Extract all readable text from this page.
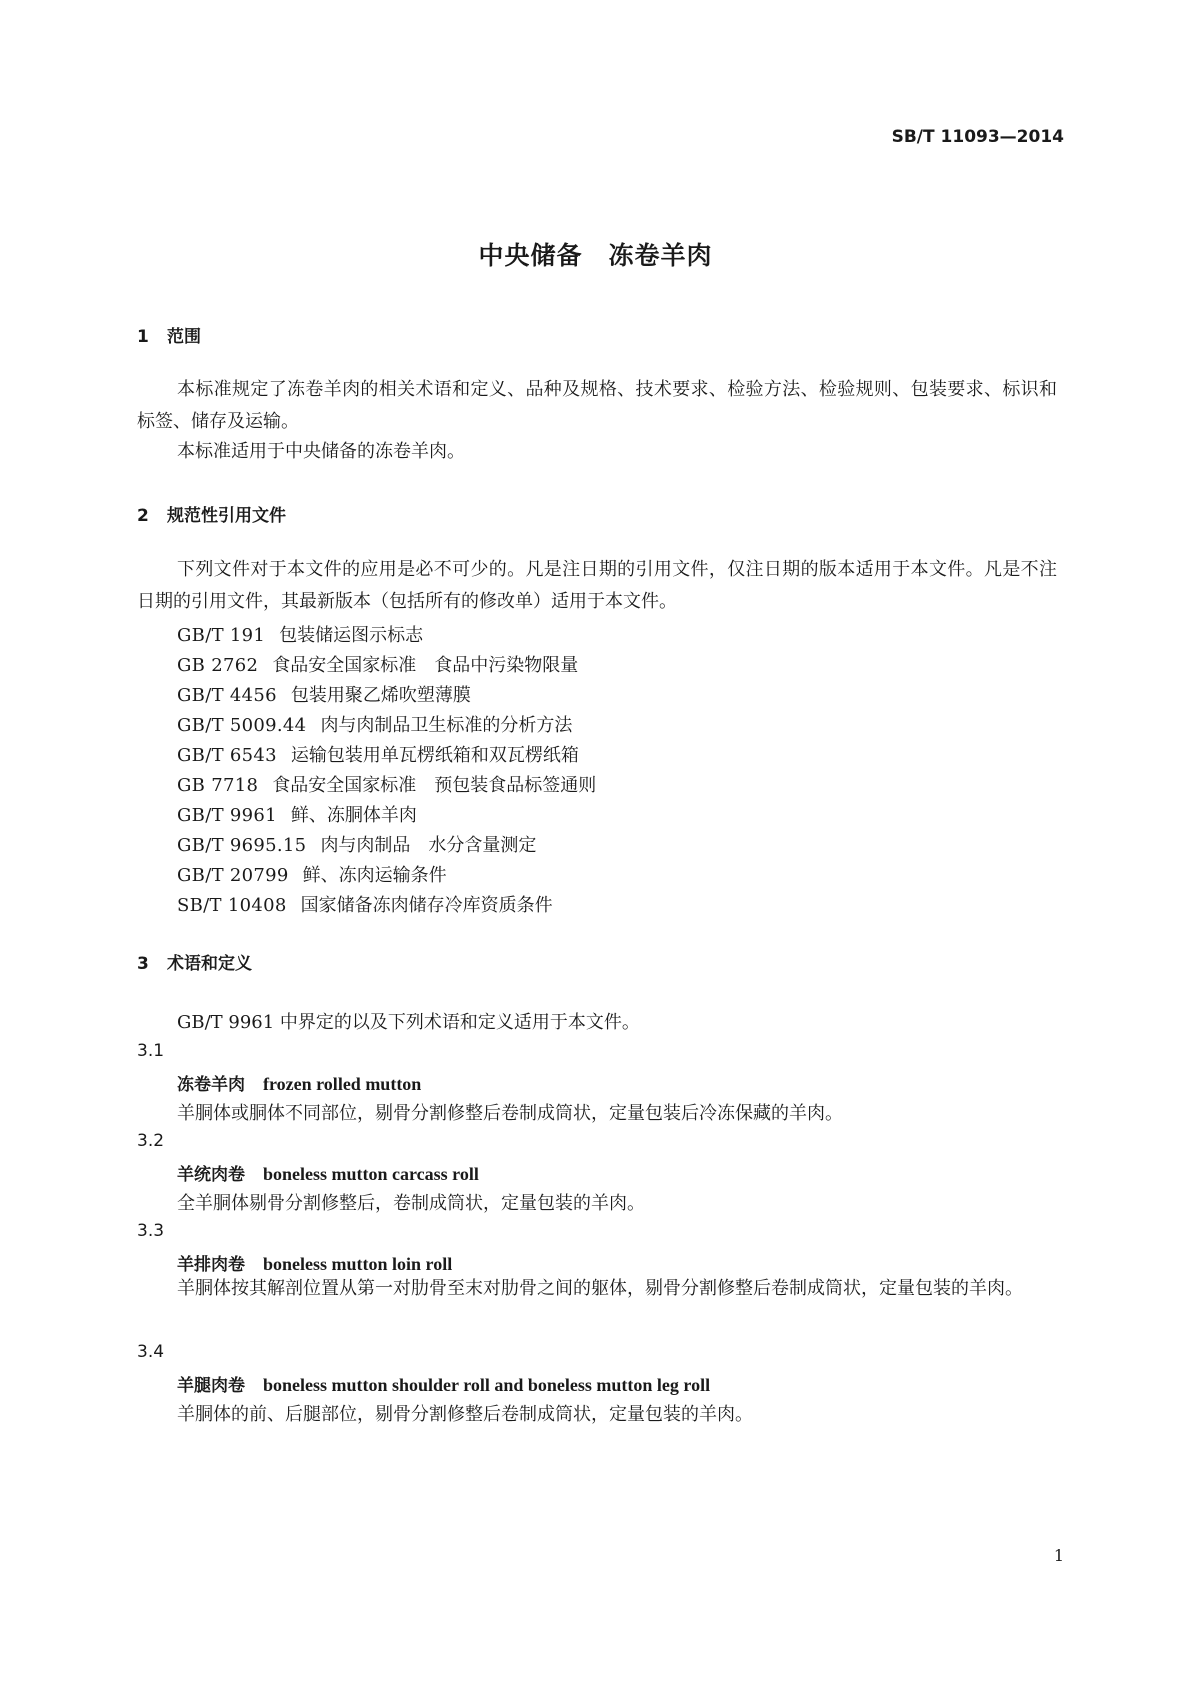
SB/T 11093—2014
中央储备　冻卷羊肉
1 范围
本标准规定了冻卷羊肉的相关术语和定义、品种及规格、技术要求、检验方法、检验规则、包装要求、标识和标签、储存及运输。
本标准适用于中央储备的冻卷羊肉。
2 规范性引用文件
下列文件对于本文件的应用是必不可少的。凡是注日期的引用文件，仅注日期的版本适用于本文件。凡是不注日期的引用文件，其最新版本（包括所有的修改单）适用于本文件。
GB/T 191 包装储运图示标志
GB 2762 食品安全国家标准　食品中污染物限量
GB/T 4456 包装用聚乙烯吹塑薄膜
GB/T 5009.44 肉与肉制品卫生标准的分析方法
GB/T 6543 运输包装用单瓦楞纸箱和双瓦楞纸箱
GB 7718 食品安全国家标准　预包装食品标签通则
GB/T 9961 鲜、冻胴体羊肉
GB/T 9695.15 肉与肉制品　水分含量测定
GB/T 20799 鲜、冻肉运输条件
SB/T 10408 国家储备冻肉储存冷库资质条件
3 术语和定义
GB/T 9961 中界定的以及下列术语和定义适用于本文件。
3.1
冻卷羊肉 frozen rolled mutton
羊胴体或胴体不同部位，剔骨分割修整后卷制成筒状，定量包装后冷冻保藏的羊肉。
3.2
羊统肉卷 boneless mutton carcass roll
全羊胴体剔骨分割修整后，卷制成筒状，定量包装的羊肉。
3.3
羊排肉卷 boneless mutton loin roll
羊胴体按其解剖位置从第一对肋骨至末对肋骨之间的躯体，剔骨分割修整后卷制成筒状，定量包装的羊肉。
3.4
羊腿肉卷 boneless mutton shoulder roll and boneless mutton leg roll
羊胴体的前、后腿部位，剔骨分割修整后卷制成筒状，定量包装的羊肉。
1
